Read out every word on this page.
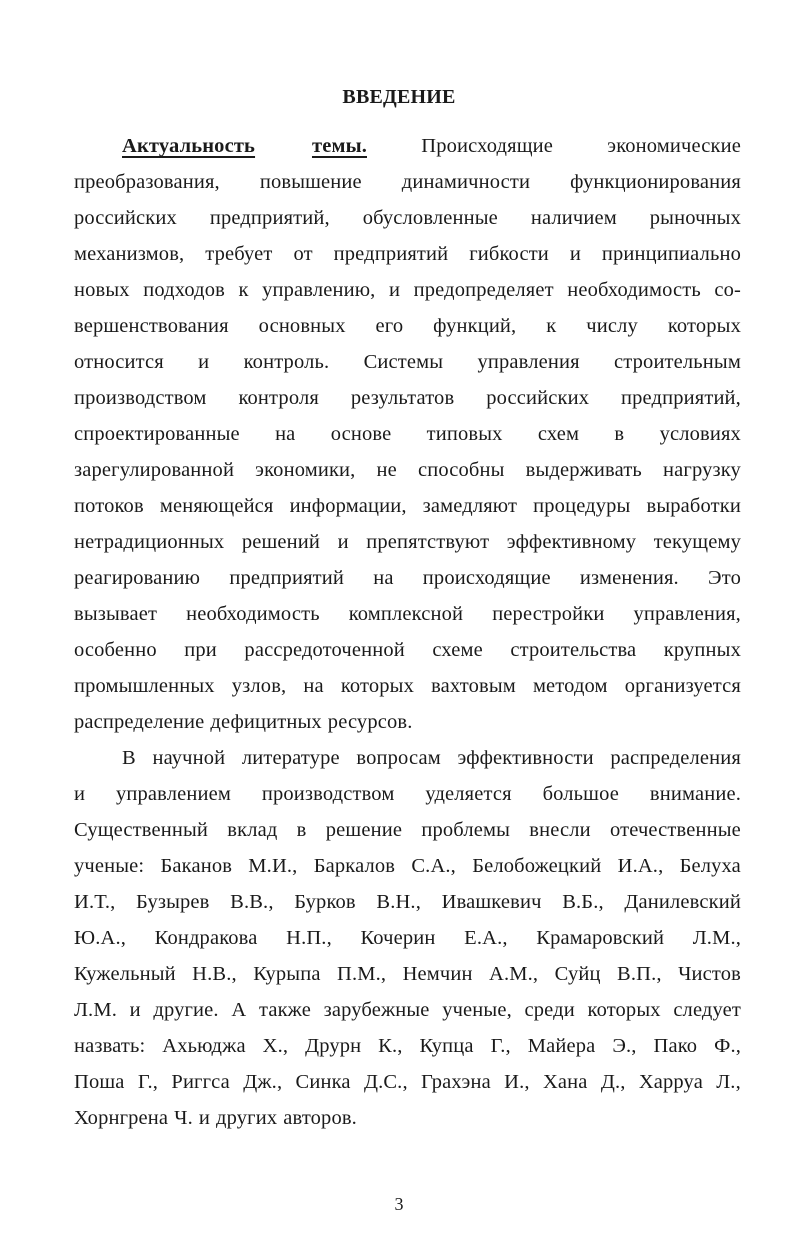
ВВЕДЕНИЕ
Актуальность	темы.	Происходящие	экономические
преобразования, повышение динамичности функционирования
российских предприятий, обусловленные наличием рыночных
механизмов, требует от предприятий гибкости и принципиально
новых подходов к управлению, и предопределяет необходимость со-
вершенствования основных его функций, к числу которых
относится и контроль. Системы управления строительным
производством контроля результатов российских предприятий,
спроектированные на основе типовых схем в условиях
зарегулированной экономики, не способны выдерживать нагрузку
потоков меняющейся информации, замедляют процедуры выработки
нетрадиционных решений и препятствуют эффективному текущему
реагированию предприятий на происходящие изменения. Это
вызывает необходимость комплексной перестройки управления,
особенно при рассредоточенной схеме строительства крупных
промышленных узлов, на которых вахтовым методом организуется
распределение дефицитных ресурсов.
В научной литературе вопросам эффективности распределения
и управлением производством уделяется большое внимание.
Существенный вклад в решение проблемы внесли отечественные
ученые: Баканов М.И., Баркалов С.А., Белобожецкий И.А., Белуха
И.Т., Бузырев В.В., Бурков В.Н., Ивашкевич В.Б., Данилевский
Ю.А., Кондракова Н.П., Кочерин Е.А., Крамаровский Л.М.,
Кужельный Н.В., Курыпа П.М., Немчин А.М., Суйц В.П., Чистов
Л.М. и другие. А также зарубежные ученые, среди которых следует
назвать: Ахьюджа Х., Друрн К., Купца Г., Майера Э., Пако Ф.,
Поша Г., Риггса Дж., Синка Д.С., Грахэна И., Хана Д., Харруа Л.,
Хорнгрена Ч. и других авторов.
3
